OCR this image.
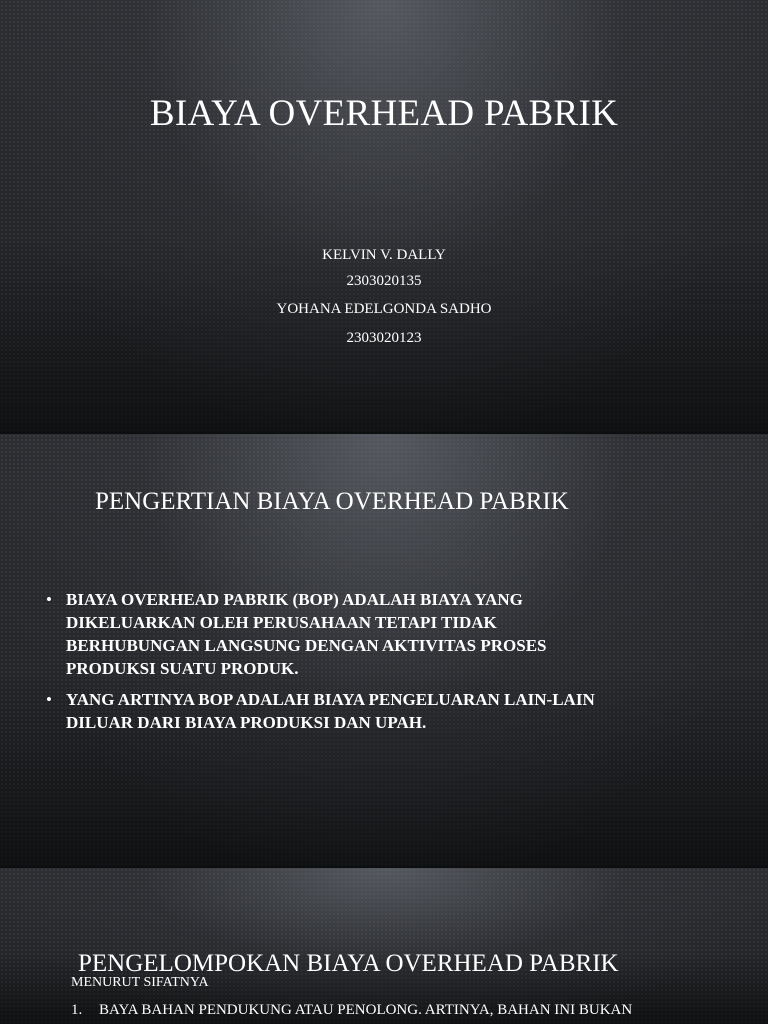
BIAYA OVERHEAD PABRIK
KELVIN V. DALLY
2303020135
YOHANA EDELGONDA SADHO
2303020123
PENGERTIAN BIAYA OVERHEAD PABRIK
• BIAYA OVERHEAD PABRIK (BOP) ADALAH BIAYA YANG DIKELUARKAN OLEH PERUSAHAAN TETAPI TIDAK BERHUBUNGAN LANGSUNG DENGAN AKTIVITAS PROSES PRODUKSI SUATU PRODUK.
• YANG ARTINYA BOP ADALAH BIAYA PENGELUARAN LAIN-LAIN DILUAR DARI BIAYA PRODUKSI DAN UPAH.
PENGELOMPOKAN BIAYA OVERHEAD PABRIK
MENURUT SIFATNYA
1. BAYA BAHAN PENDUKUNG ATAU PENOLONG. ARTINYA, BAHAN INI BUKAN
